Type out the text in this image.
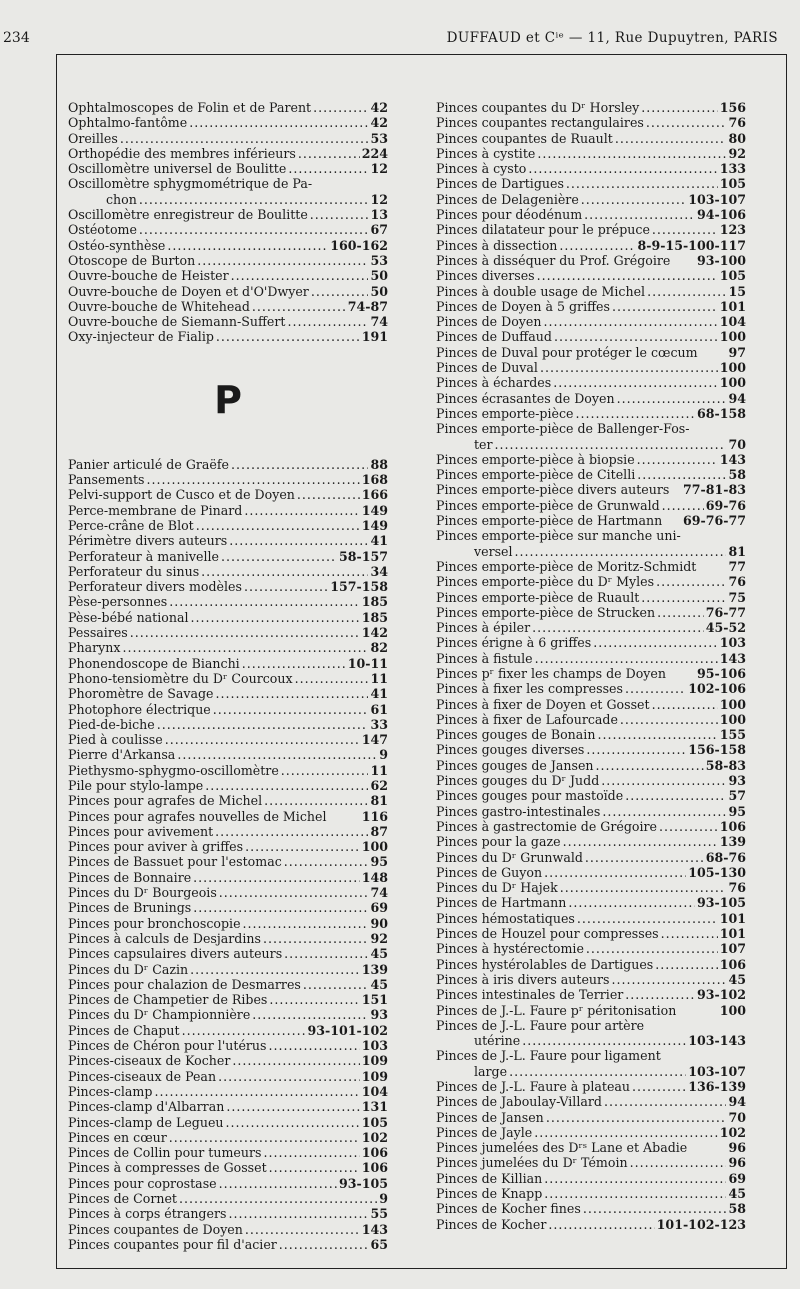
234	DUFFAUD et Cⁱᵉ — 11, Rue Dupuytren, PARIS
Ophtalmoscopes de Folin et de Parent .....	42
Ophtalmo-fantôme .....	42
Oreilles .....	53
Orthopédie des membres inférieurs .....	224
Oscillomètre universel de Boulitte .....	12
Oscillomètre sphygmométrique de Pa-
chon .....	12
Oscillomètre enregistreur de Boulitte .....	13
Ostéotome .....	67
Ostéo-synthèse .....	160-162
Otoscope de Burton .....	53
Ouvre-bouche de Heister .....	50
Ouvre-bouche de Doyen et d'O'Dwyer .....	50
Ouvre-bouche de Whitehead .....	74-87
Ouvre-bouche de Siemann-Suffert .....	74
Oxy-injecteur de Fialip .....	191
P
Panier articulé de Graëfe .....	88
Pansements .....	168
Pelvi-support de Cusco et de Doyen .....	166
Perce-membrane de Pinard .....	149
Perce-crâne de Blot .....	149
Périmètre divers auteurs .....	41
Perforateur à manivelle .....	58-157
Perforateur du sinus .....	34
Perforateur divers modèles .....	157-158
Pèse-personnes .....	185
Pèse-bébé national .....	185
Pessaires .....	142
Pharynx .....	82
Phonendoscope de Bianchi .....	10-11
Phono-tensiomètre du Dʳ Courcoux .....	11
Phoromètre de Savage .....	41
Photophore électrique .....	61
Pied-de-biche .....	33
Pied à coulisse .....	147
Pierre d'Arkansa .....	9
Piethysmo-sphygmo-oscillomètre .....	11
Pile pour stylo-lampe .....	62
Pinces pour agrafes de Michel .....	81
Pinces pour agrafes nouvelles de Michel	116
Pinces pour avivement .....	87
Pinces pour aviver à griffes .....	100
Pinces de Bassuet pour l'estomac .....	95
Pinces de Bonnaire .....	148
Pinces du Dʳ Bourgeois .....	74
Pinces de Brunings .....	69
Pinces pour bronchoscopie .....	90
Pinces à calculs de Desjardins .....	92
Pinces capsulaires divers auteurs .....	45
Pinces du Dʳ Cazin .....	139
Pinces pour chalazion de Desmarres .....	45
Pinces de Champetier de Ribes .....	151
Pinces du Dʳ Championnière .....	93
Pinces de Chaput .....	93-101-102
Pinces de Chéron pour l'utérus .....	103
Pinces-ciseaux de Kocher .....	109
Pinces-ciseaux de Pean .....	109
Pinces-clamp .....	104
Pinces-clamp d'Albarran .....	131
Pinces-clamp de Legueu .....	105
Pinces en cœur .....	102
Pinces de Collin pour tumeurs .....	106
Pinces à compresses de Gosset .....	106
Pinces pour coprostase .....	93-105
Pinces de Cornet .....	9
Pinces à corps étrangers .....	55
Pinces coupantes de Doyen .....	143
Pinces coupantes pour fil d'acier .....	65
Pinces coupantes du Dʳ Horsley .....	156
Pinces coupantes rectangulaires .....	76
Pinces coupantes de Ruault .....	80
Pinces à cystite .....	92
Pinces à cysto .....	133
Pinces de Dartigues .....	105
Pinces de Delagenière .....	103-107
Pinces pour déodénum .....	94-106
Pinces dilatateur pour le prépuce .....	123
Pinces à dissection .....	8-9-15-100-117
Pinces à disséquer du Prof. Grégoire 93-100
Pinces diverses .....	105
Pinces à double usage de Michel .....	15
Pinces de Doyen à 5 griffes .....	101
Pinces de Doyen .....	104
Pinces de Duffaud .....	100
Pinces de Duval pour protéger le cœcum 97
Pinces de Duval .....	100
Pinces à échardes .....	100
Pinces écrasantes de Doyen .....	94
Pinces emporte-pièce .....	68-158
Pinces emporte-pièce de Ballenger-Fos-
ter .....	70
Pinces emporte-pièce à biopsie .....	143
Pinces emporte-pièce de Citelli .....	58
Pinces emporte-pièce divers auteurs 77-81-83
Pinces emporte-pièce de Grunwald .....	69-76
Pinces emporte-pièce de Hartmann 69-76-77
Pinces emporte-pièce sur manche uni-
versel .....	81
Pinces emporte-pièce de Moritz-Schmidt	77
Pinces emporte-pièce du Dʳ Myles .....	76
Pinces emporte-pièce de Ruault .....	75
Pinces emporte-pièce de Strucken .....	76-77
Pinces à épiler .....	45-52
Pinces érigne à 6 griffes .....	103
Pinces à fistule .....	143
Pinces pʳ fixer les champs de Doyen 95-106
Pinces à fixer les compresses .....	102-106
Pinces à fixer de Doyen et Gosset .....	100
Pinces à fixer de Lafourcade .....	100
Pinces gouges de Bonain .....	155
Pinces gouges diverses .....	156-158
Pinces gouges de Jansen .....	58-83
Pinces gouges du Dʳ Judd .....	93
Pinces gouges pour mastoïde .....	57
Pinces gastro-intestinales .....	95
Pinces à gastrectomie de Grégoire .....	106
Pinces pour la gaze .....	139
Pinces du Dʳ Grunwald .....	68-76
Pinces de Guyon .....	105-130
Pinces du Dʳ Hajek .....	76
Pinces de Hartmann .....	93-105
Pinces hémostatiques .....	101
Pinces de Houzel pour compresses .....	101
Pinces à hystérectomie .....	107
Pinces hystérolables de Dartigues .....	106
Pinces à iris divers auteurs .....	45
Pinces intestinales de Terrier .....	93-102
Pinces de J.-L. Faure pʳ péritonisation	100
Pinces de J.-L. Faure pour artère
utérine .....	103-143
Pinces de J.-L. Faure pour ligament
large .....	103-107
Pinces de J.-L. Faure à plateau .....	136-139
Pinces de Jaboulay-Villard .....	94
Pinces de Jansen .....	70
Pinces de Jayle .....	102
Pinces jumelées des Dʳˢ Lane et Abadie	96
Pinces jumelées du Dʳ Témoin .....	96
Pinces de Killian .....	69
Pinces de Knapp .....	45
Pinces de Kocher fines .....	58
Pinces de Kocher .....	101-102-123
